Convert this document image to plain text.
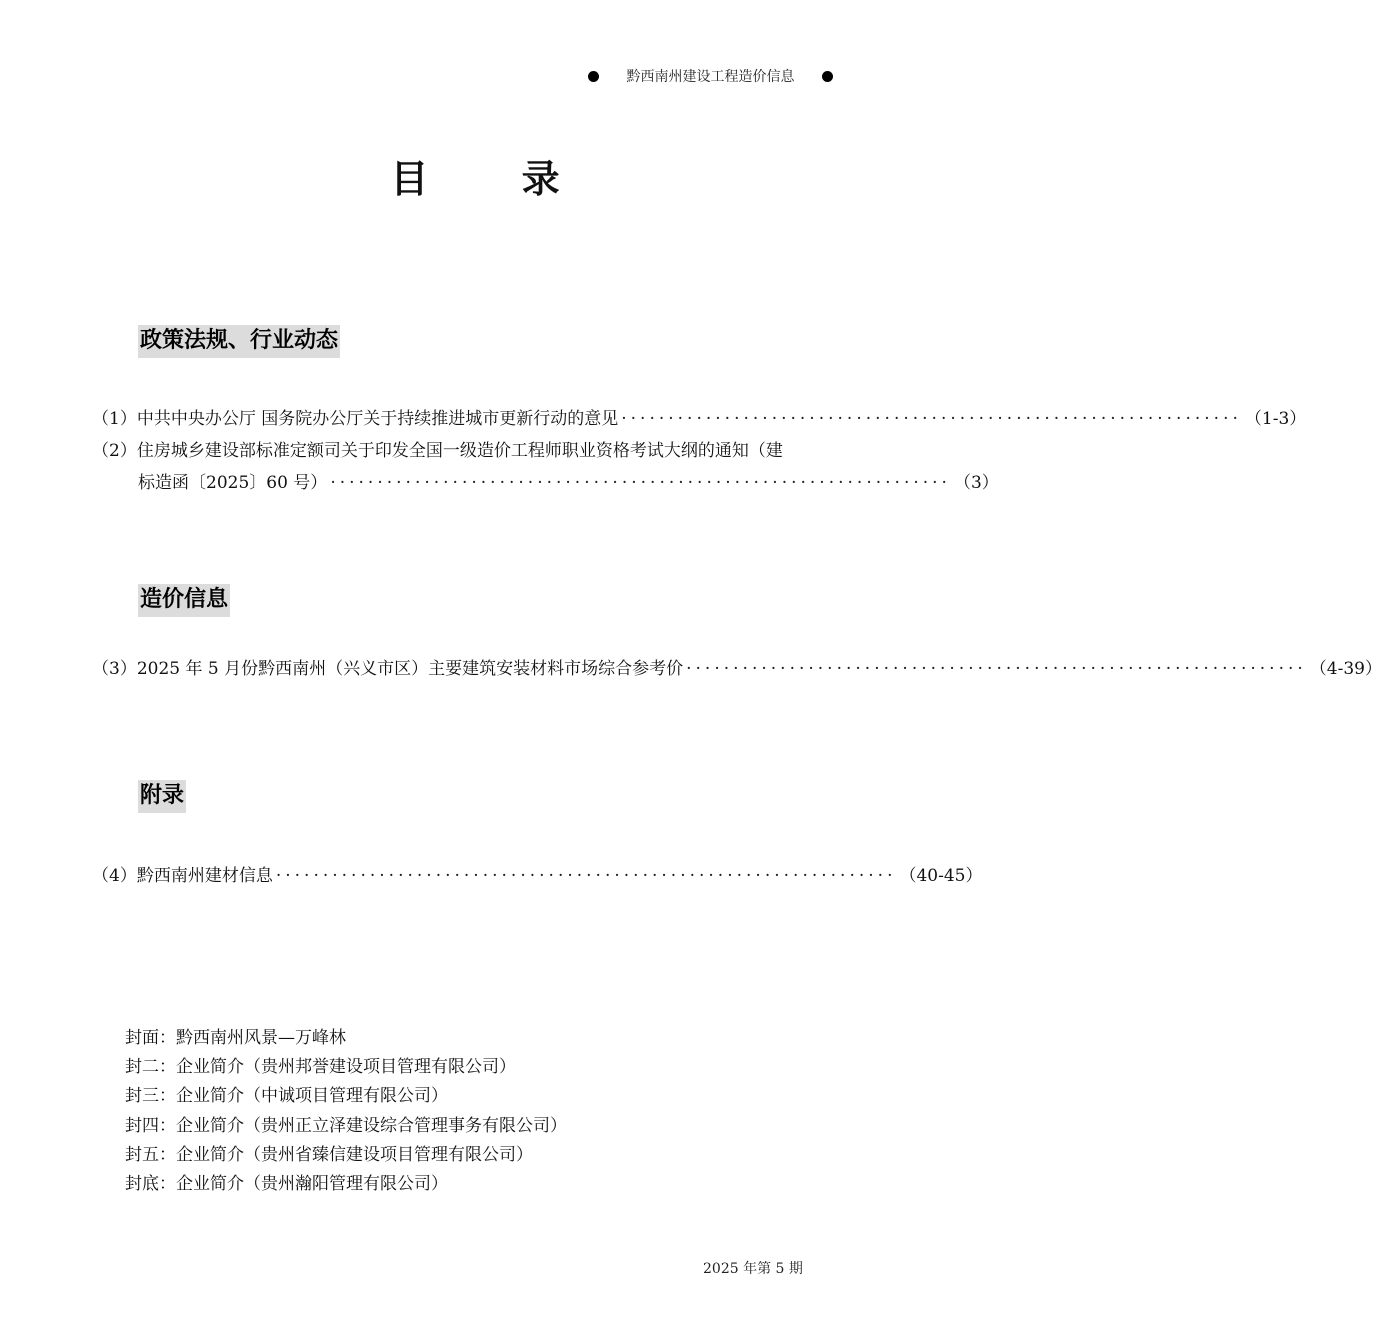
黔西南州建设工程造价信息
目 录
政策法规、行业动态
（1） 中共中央办公厅 国务院办公厅关于持续推进城市更新行动的意见 ·································································· （1-3）
（2） 住房城乡建设部标准定额司关于印发全国一级造价工程师职业资格考试大纲的通知（建
标造函〔2025〕60 号） ·································································· （3）
造价信息
（3） 2025 年 5 月份黔西南州（兴义市区）主要建筑安装材料市场综合参考价 ·································································· （4-39）
附录
（4） 黔西南州建材信息 ·································································· （40-45）
封面：黔西南州风景—万峰林
封二：企业简介（贵州邦誉建设项目管理有限公司）
封三：企业简介（中诚项目管理有限公司）
封四：企业简介（贵州正立泽建设综合管理事务有限公司）
封五：企业简介（贵州省臻信建设项目管理有限公司）
封底：企业简介（贵州瀚阳管理有限公司）
2025 年第 5 期
